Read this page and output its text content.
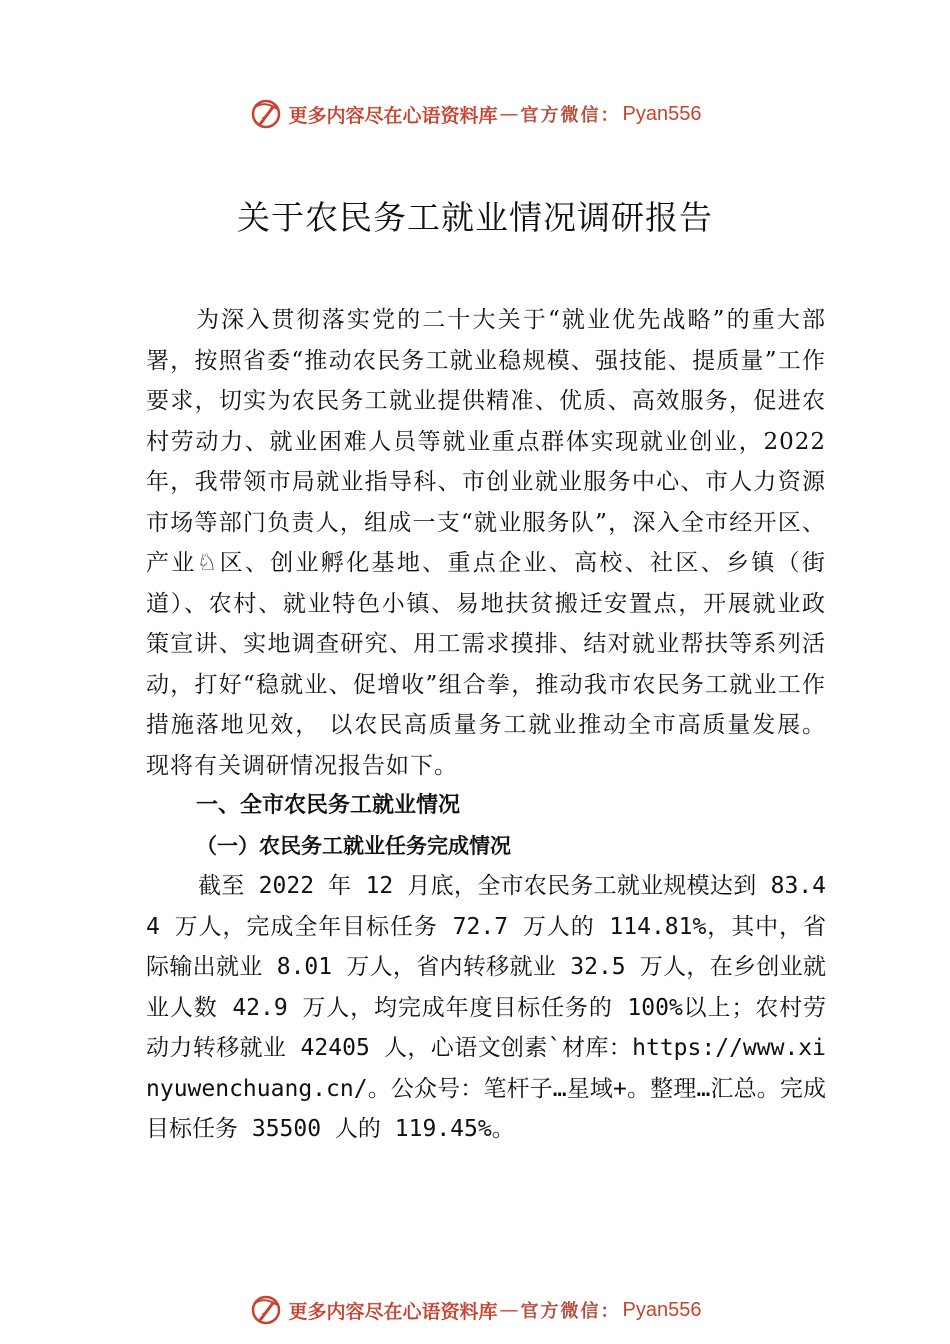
更多内容尽在心语资料库 — 官方微信： Pyan556
关于农民务工就业情况调研报告

为深入贯彻落实党的二十大关于“就业优先战略”的重大部署，按照省委“推动农民务工就业稳规模、强技能、提质量”工作要求，切实为农民务工就业提供精准、优质、高效服务，促进农村劳动力、就业困难人员等就业重点群体实现就业创业，2022年，我带领市局就业指导科、市创业就业服务中心、市人力资源市场等部门负责人，组成一支“就业服务队”，深入全市经开区、产业♘区、创业孵化基地、重点企业、高校、社区、乡镇（街道）、农村、就业特色小镇、易地扶贫搬迁安置点，开展就业政策宣讲、实地调查研究、用工需求摸排、结对就业帮扶等系列活动，打好“稳就业、促增收”组合拳，推动我市农民务工就业工作措施落地见效， 以农民高质量务工就业推动全市高质量发展。现将有关调研情况报告如下。

一、全市农民务工就业情况

（一）农民务工就业任务完成情况

截至 2022 年 12 月底，全市农民务工就业规模达到 83.44 万人，完成全年目标任务 72.7 万人的 114.81%，其中，省际输出就业 8.01 万人，省内转移就业 32.5 万人，在乡创业就业人数 42.9 万人，均完成年度目标任务的 100%以上；农村劳动力转移就业 42405 人，心语文创素`材库：https://www.xinyuwenchuang.cn/。公众号：笔杆子…星域+。整理…汇总。完成目标任务 35500 人的 119.45%。

更多内容尽在心语资料库 — 官方微信： Pyan556
